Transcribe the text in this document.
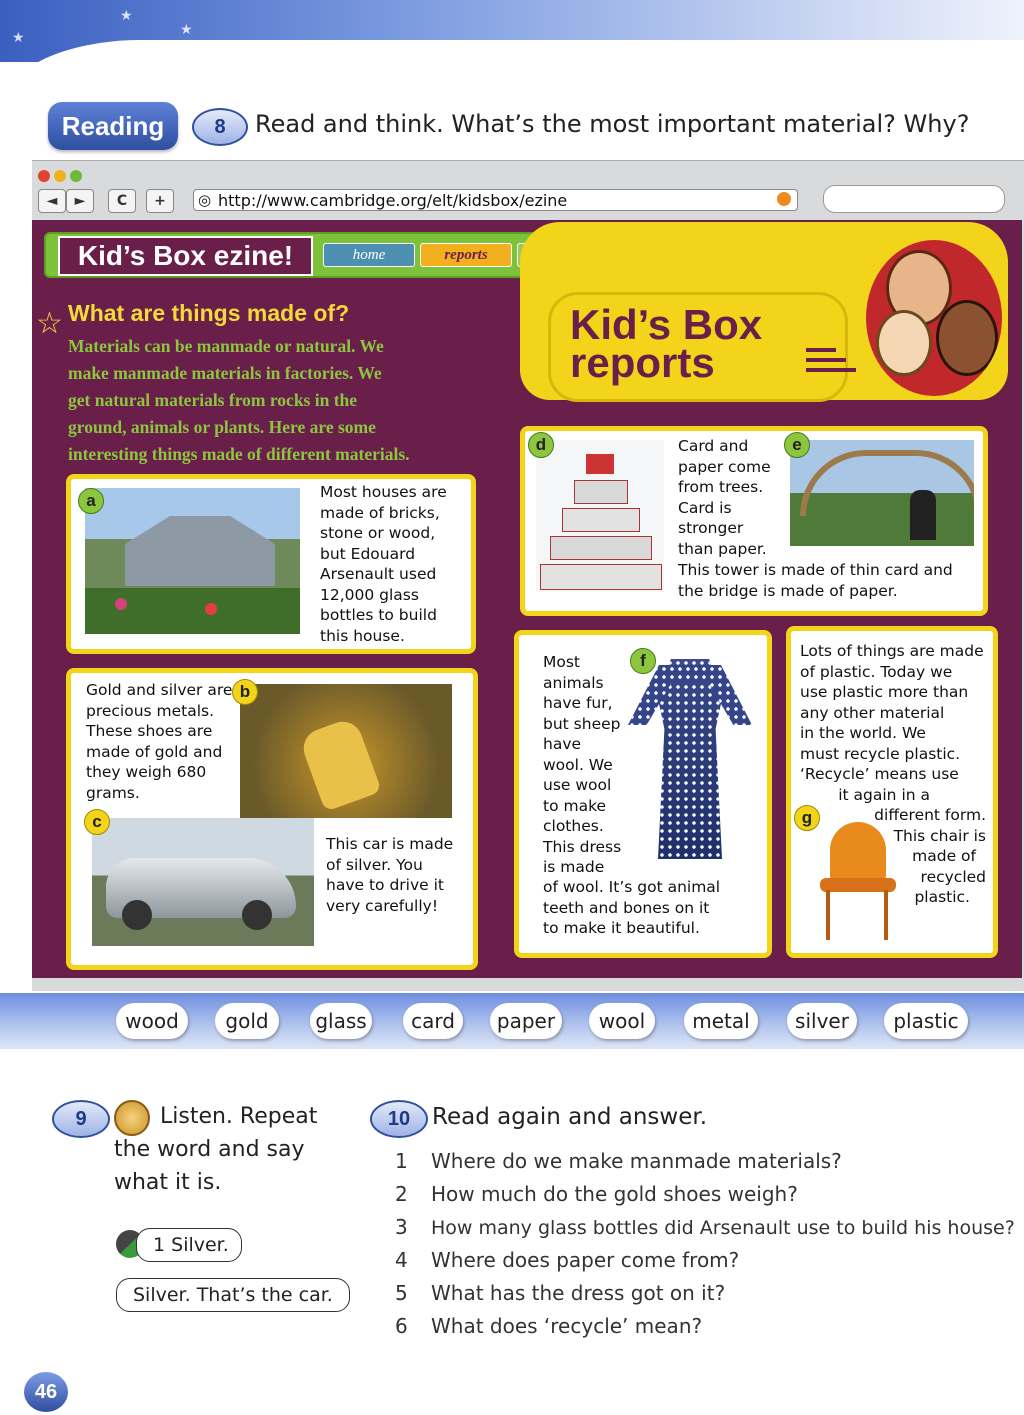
★
★
★
Reading	8	Read and think. What’s the most important material? Why?
◄	►	C	+	◎ http://www.cambridge.org/elt/kidsbox/ezine
Kid’s Box ezine!	home	reports
Kid’s Box
reports
☆ What are things made of?
Materials can be manmade or natural. We
make manmade materials in factories. We
get natural materials from rocks in the
ground, animals or plants. Here are some
interesting things made of different materials.
a	Most houses are
made of bricks,
stone or wood,
but Edouard
Arsenault used
12,000 glass
bottles to build
this house.
Gold and silver are
precious metals.
These shoes are
made of gold and
they weigh 680
grams.
b
c
This car is made
of silver. You
have to drive it
very carefully!
d	Card and
paper come
from trees.
Card is
stronger
than paper.
This tower is made of thin card and
the bridge is made of paper.
e
Most
animals
have fur,
but sheep
have
wool. We
use wool
to make
clothes.
This dress
is made
of wool. It’s got animal
teeth and bones on it
to make it beautiful.
f	Lots of things are made
of plastic. Today we
use plastic more than
any other material
in the world. We
must recycle plastic.
‘Recycle’ means use
it again in a
different form.
This chair is
made of
recycled
plastic.
g
wood	gold	glass	card	paper	wool	metal	silver	plastic
9	Listen. Repeat
the word and say
what it is.
1 Silver.
Silver. That’s the car.
10 Read again and answer.
1 Where do we make manmade materials?
2 How much do the gold shoes weigh?
3 How many glass bottles did Arsenault use to build his house?
4 Where does paper come from?
5 What has the dress got on it?
6 What does ‘recycle’ mean?
46
